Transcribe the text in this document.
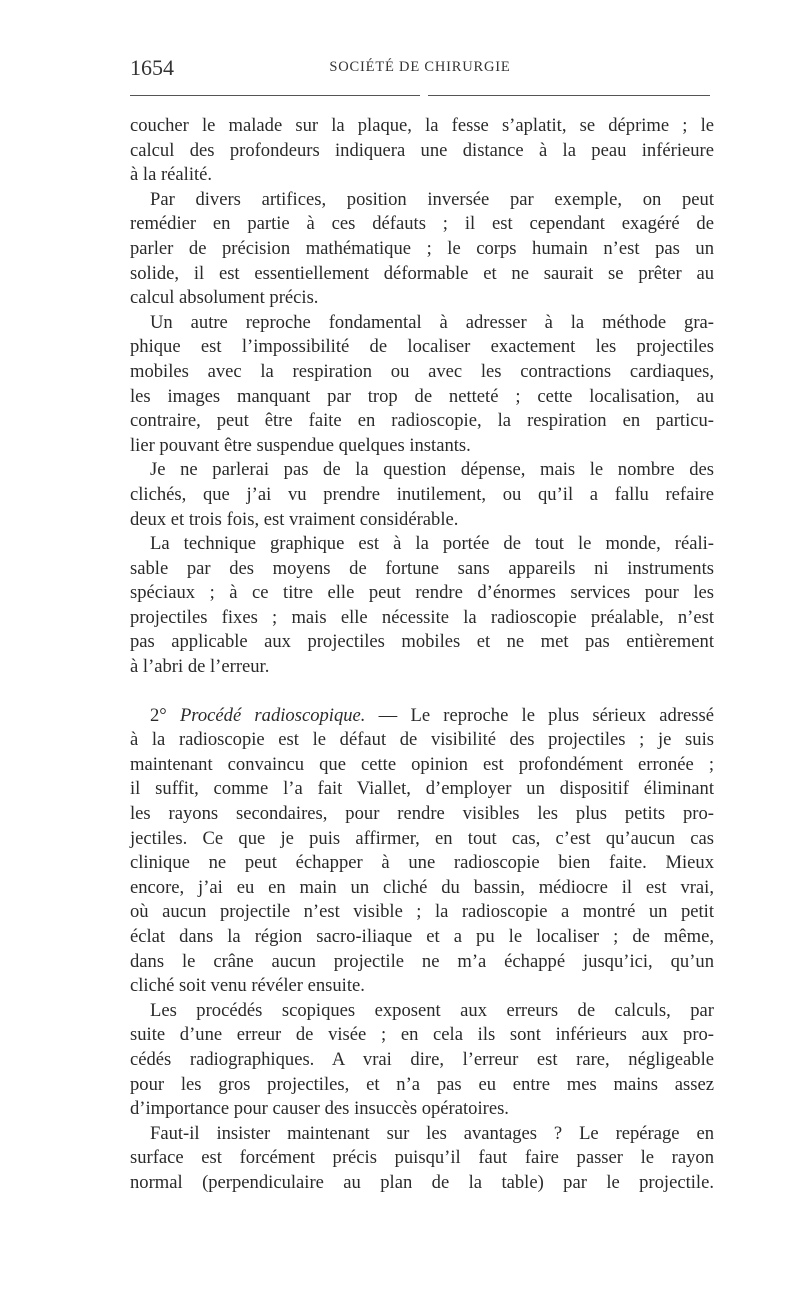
1654	SOCIÉTÉ DE CHIRURGIE
coucher le malade sur la plaque, la fesse s’aplatit, se déprime ; le
calcul des profondeurs indiquera une distance à la peau inférieure
à la réalité.
Par divers artifices, position inversée par exemple, on peut
remédier en partie à ces défauts ; il est cependant exagéré de
parler de précision mathématique ; le corps humain n’est pas un
solide, il est essentiellement déformable et ne saurait se prêter au
calcul absolument précis.
Un autre reproche fondamental à adresser à la méthode gra-
phique est l’impossibilité de localiser exactement les projectiles
mobiles avec la respiration ou avec les contractions cardiaques,
les images manquant par trop de netteté ; cette localisation, au
contraire, peut être faite en radioscopie, la respiration en particu-
lier pouvant être suspendue quelques instants.
Je ne parlerai pas de la question dépense, mais le nombre des
clichés, que j’ai vu prendre inutilement, ou qu’il a fallu refaire
deux et trois fois, est vraiment considérable.
La technique graphique est à la portée de tout le monde, réali-
sable par des moyens de fortune sans appareils ni instruments
spéciaux ; à ce titre elle peut rendre d’énormes services pour les
projectiles fixes ; mais elle nécessite la radioscopie préalable, n’est
pas applicable aux projectiles mobiles et ne met pas entièrement
à l’abri de l’erreur.
2° Procédé radioscopique. — Le reproche le plus sérieux adressé
à la radioscopie est le défaut de visibilité des projectiles ; je suis
maintenant convaincu que cette opinion est profondément erronée ;
il suffit, comme l’a fait Viallet, d’employer un dispositif éliminant
les rayons secondaires, pour rendre visibles les plus petits pro-
jectiles. Ce que je puis affirmer, en tout cas, c’est qu’aucun cas
clinique ne peut échapper à une radioscopie bien faite. Mieux
encore, j’ai eu en main un cliché du bassin, médiocre il est vrai,
où aucun projectile n’est visible ; la radioscopie a montré un petit
éclat dans la région sacro-iliaque et a pu le localiser ; de même,
dans le crâne aucun projectile ne m’a échappé jusqu’ici, qu’un
cliché soit venu révéler ensuite.
Les procédés scopiques exposent aux erreurs de calculs, par
suite d’une erreur de visée ; en cela ils sont inférieurs aux pro-
cédés radiographiques. A vrai dire, l’erreur est rare, négligeable
pour les gros projectiles, et n’a pas eu entre mes mains assez
d’importance pour causer des insuccès opératoires.
Faut-il insister maintenant sur les avantages ? Le repérage en
surface est forcément précis puisqu’il faut faire passer le rayon
normal (perpendiculaire au plan de la table) par le projectile.
